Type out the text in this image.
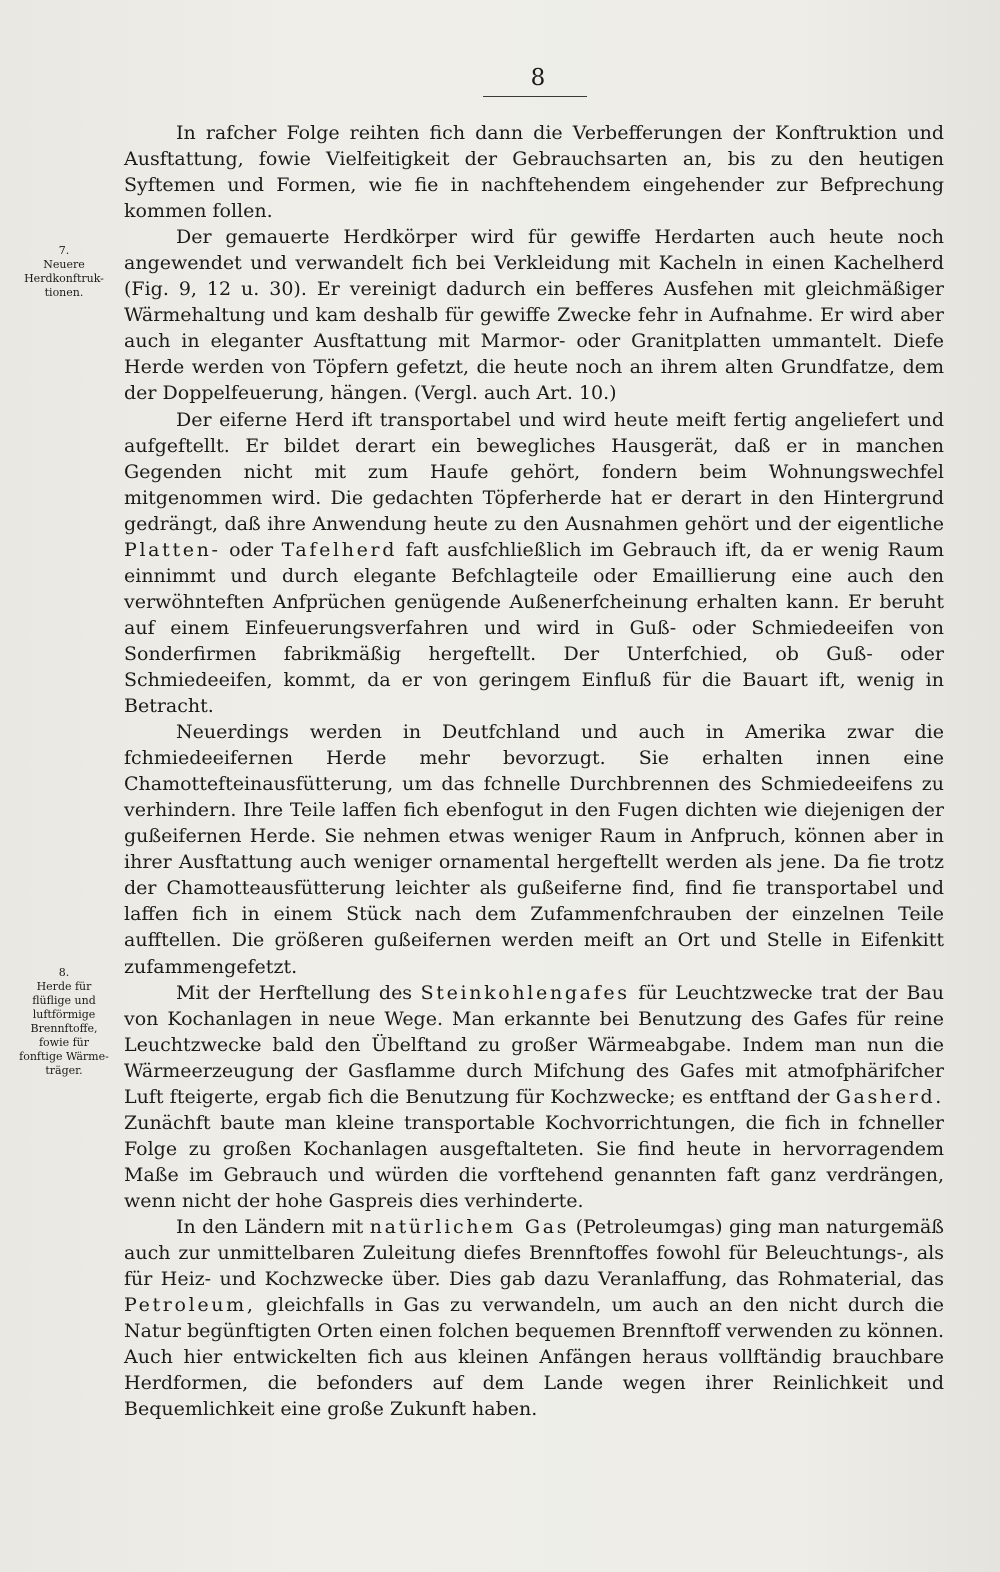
8
7.
Neuere
Herdkonftruk-
tionen.
8.
Herde für
flüflige und
luftförmige
Brennftoffe,
fowie für
fonftige Wärme-
träger.

In rafcher Folge reihten fich dann die Verbefferungen der Konftruktion und Ausftattung, fowie Vielfeitigkeit der Gebrauchsarten an, bis zu den heutigen Syftemen und Formen, wie fie in nachftehendem eingehender zur Befprechung kommen follen.

Der gemauerte Herdkörper wird für gewiffe Herdarten auch heute noch angewendet und verwandelt fich bei Verkleidung mit Kacheln in einen Kachelherd (Fig. 9, 12 u. 30). Er vereinigt dadurch ein befferes Ausfehen mit gleichmäßiger Wärmehaltung und kam deshalb für gewiffe Zwecke fehr in Aufnahme. Er wird aber auch in eleganter Ausftattung mit Marmor- oder Granitplatten ummantelt. Diefe Herde werden von Töpfern gefetzt, die heute noch an ihrem alten Grundfatze, dem der Doppelfeuerung, hängen. (Vergl. auch Art. 10.)

Der eiferne Herd ift transportabel und wird heute meift fertig angeliefert und aufgeftellt. Er bildet derart ein bewegliches Hausgerät, daß er in manchen Gegenden nicht mit zum Haufe gehört, fondern beim Wohnungswechfel mitgenommen wird. Die gedachten Töpferherde hat er derart in den Hintergrund gedrängt, daß ihre Anwendung heute zu den Ausnahmen gehört und der eigentliche Platten- oder Tafelherd faft ausfchließlich im Gebrauch ift, da er wenig Raum einnimmt und durch elegante Befchlagteile oder Emaillierung eine auch den verwöhnteften Anfprüchen genügende Außenerfcheinung erhalten kann. Er beruht auf einem Einfeuerungsverfahren und wird in Guß- oder Schmiedeeifen von Sonderfirmen fabrikmäßig hergeftellt. Der Unterfchied, ob Guß- oder Schmiedeeifen, kommt, da er von geringem Einfluß für die Bauart ift, wenig in Betracht.

Neuerdings werden in Deutfchland und auch in Amerika zwar die fchmiedeeifernen Herde mehr bevorzugt. Sie erhalten innen eine Chamottefteinausfütterung, um das fchnelle Durchbrennen des Schmiedeeifens zu verhindern. Ihre Teile laffen fich ebenfogut in den Fugen dichten wie diejenigen der gußeifernen Herde. Sie nehmen etwas weniger Raum in Anfpruch, können aber in ihrer Ausftattung auch weniger ornamental hergeftellt werden als jene. Da fie trotz der Chamotteausfütterung leichter als gußeiferne find, find fie transportabel und laffen fich in einem Stück nach dem Zufammenfchrauben der einzelnen Teile aufftellen. Die größeren gußeifernen werden meift an Ort und Stelle in Eifenkitt zufammengefetzt.

Mit der Herftellung des Steinkohlengafes für Leuchtzwecke trat der Bau von Kochanlagen in neue Wege. Man erkannte bei Benutzung des Gafes für reine Leuchtzwecke bald den Übelftand zu großer Wärmeabgabe. Indem man nun die Wärmeerzeugung der Gasflamme durch Mifchung des Gafes mit atmofphärifcher Luft fteigerte, ergab fich die Benutzung für Kochzwecke; es entftand der Gasherd. Zunächft baute man kleine transportable Kochvorrichtungen, die fich in fchneller Folge zu großen Kochanlagen ausgeftalteten. Sie find heute in hervorragendem Maße im Gebrauch und würden die vorftehend genannten faft ganz verdrängen, wenn nicht der hohe Gaspreis dies verhinderte.

In den Ländern mit natürlichem Gas (Petroleumgas) ging man naturgemäß auch zur unmittelbaren Zuleitung diefes Brennftoffes fowohl für Beleuchtungs-, als für Heiz- und Kochzwecke über. Dies gab dazu Veranlaffung, das Rohmaterial, das Petroleum, gleichfalls in Gas zu verwandeln, um auch an den nicht durch die Natur begünftigten Orten einen folchen bequemen Brennftoff verwenden zu können. Auch hier entwickelten fich aus kleinen Anfängen heraus vollftändig brauchbare Herdformen, die befonders auf dem Lande wegen ihrer Reinlichkeit und Bequemlichkeit eine große Zukunft haben.
